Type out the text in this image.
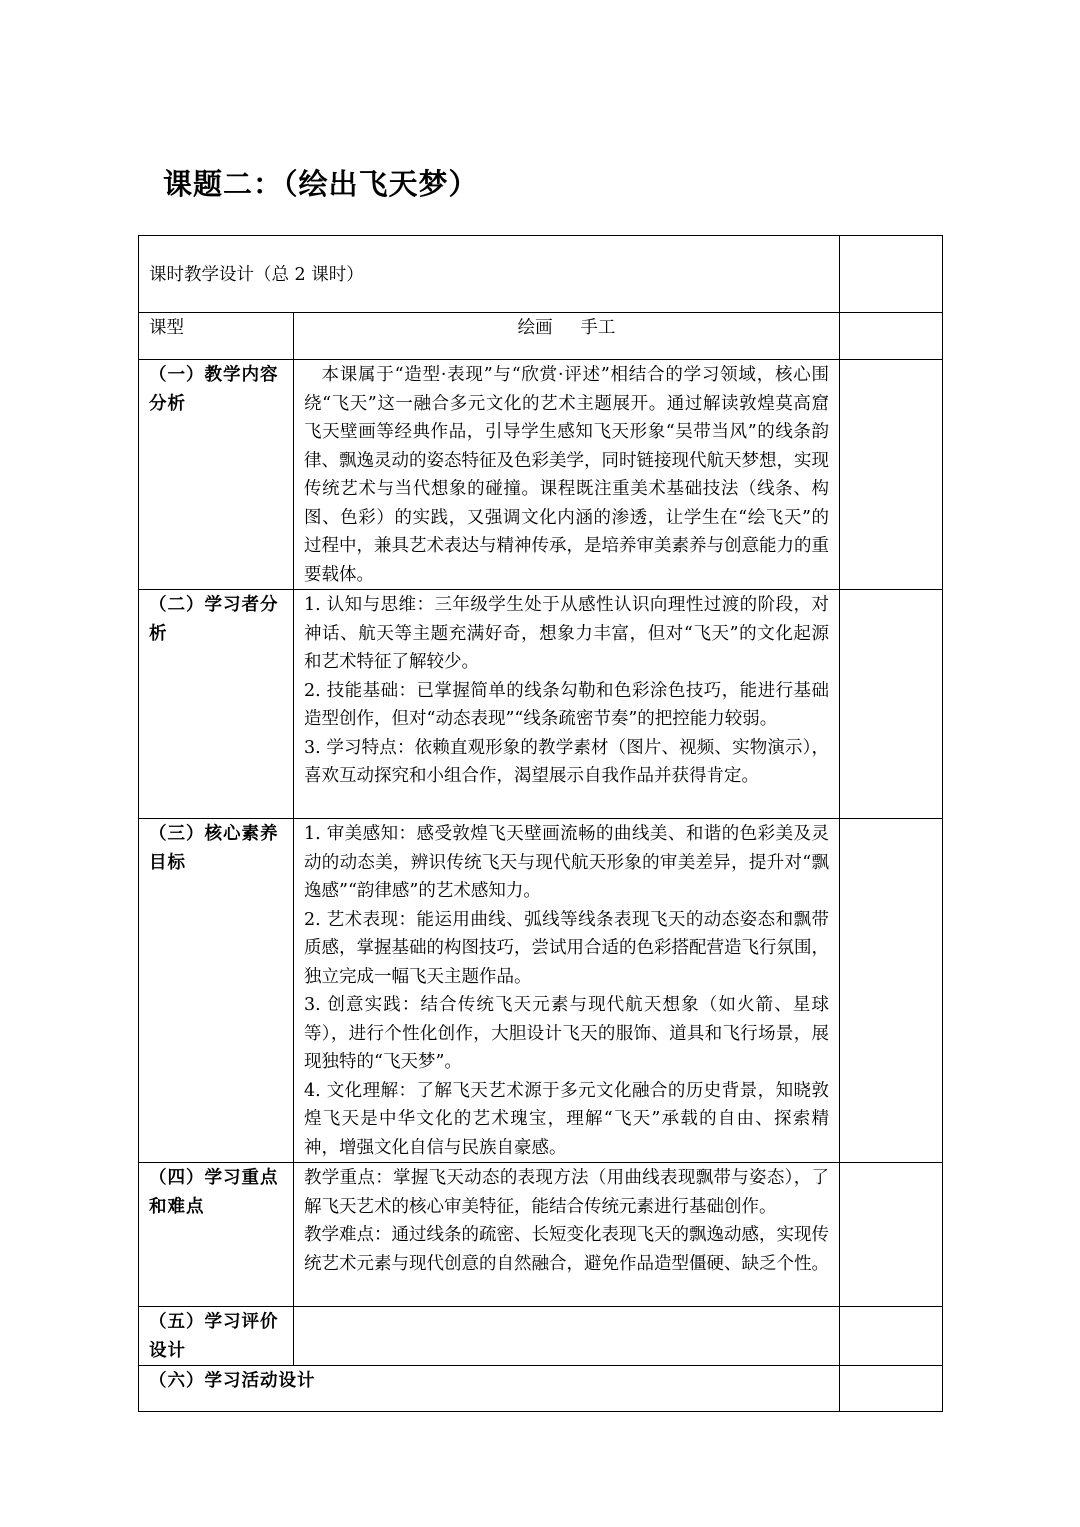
课题二：（绘出飞天梦）
课时教学设计（总 2 课时）		

课型	绘画     手工	
（一）教学内容分析	本课属于“造型·表现”与“欣赏·评述”相结合的学习领域，核心围绕“飞天”这一融合多元文化的艺术主题展开。通过解读敦煌莫高窟飞天壁画等经典作品，引导学生感知飞天形象“吴带当风”的线条韵律、飘逸灵动的姿态特征及色彩美学，同时链接现代航天梦想，实现传统艺术与当代想象的碰撞。课程既注重美术基础技法（线条、构图、色彩）的实践，又强调文化内涵的渗透，让学生在“绘飞天”的过程中，兼具艺术表达与精神传承，是培养审美素养与创意能力的重要载体。	

（二）学习者分析	1. 认知与思维：三年级学生处于从感性认识向理性过渡的阶段，对神话、航天等主题充满好奇，想象力丰富，但对“飞天”的文化起源和艺术特征了解较少。
2. 技能基础：已掌握简单的线条勾勒和色彩涂色技巧，能进行基础造型创作，但对“动态表现”“线条疏密节奏”的把控能力较弱。
3. 学习特点：依赖直观形象的教学素材（图片、视频、实物演示），喜欢互动探究和小组合作，渴望展示自我作品并获得肯定。	

（三）核心素养目标	1. 审美感知：感受敦煌飞天壁画流畅的曲线美、和谐的色彩美及灵动的动态美，辨识传统飞天与现代航天形象的审美差异，提升对“飘逸感”“韵律感”的艺术感知力。
2. 艺术表现：能运用曲线、弧线等线条表现飞天的动态姿态和飘带质感，掌握基础的构图技巧，尝试用合适的色彩搭配营造飞行氛围，独立完成一幅飞天主题作品。
3. 创意实践：结合传统飞天元素与现代航天想象（如火箭、星球等），进行个性化创作，大胆设计飞天的服饰、道具和飞行场景，展现独特的“飞天梦”。
4. 文化理解：了解飞天艺术源于多元文化融合的历史背景，知晓敦煌飞天是中华文化的艺术瑰宝，理解“飞天”承载的自由、探索精神，增强文化自信与民族自豪感。	

（四）学习重点和难点	教学重点：掌握飞天动态的表现方法（用曲线表现飘带与姿态），了解飞天艺术的核心审美特征，能结合传统元素进行基础创作。
教学难点：通过线条的疏密、长短变化表现飞天的飘逸动感，实现传统艺术元素与现代创意的自然融合，避免作品造型僵硬、缺乏个性。	

（五）学习评价设计		
（六）学习活动设计		
